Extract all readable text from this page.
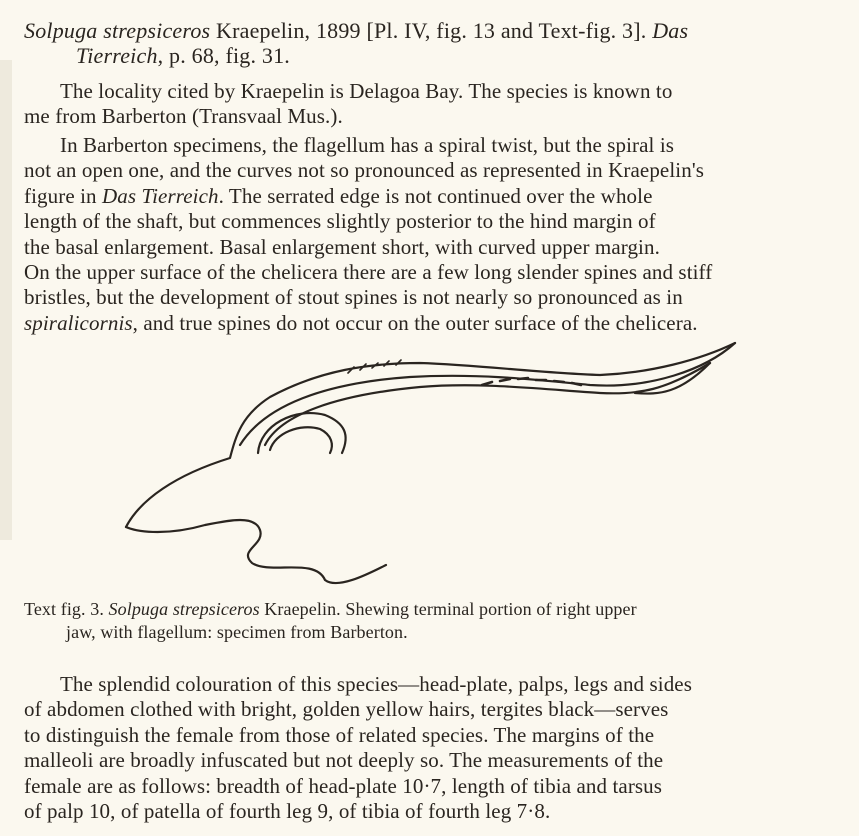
Solpuga strepsiceros Kraepelin, 1899 [Pl. IV, fig. 13 and Text-fig. 3]. Das
Tierreich, p. 68, fig. 31.
The locality cited by Kraepelin is Delagoa Bay. The species is known to
me from Barberton (Transvaal Mus.).
In Barberton specimens, the flagellum has a spiral twist, but the spiral is
not an open one, and the curves not so pronounced as represented in Kraepelin's
figure in Das Tierreich. The serrated edge is not continued over the whole
length of the shaft, but commences slightly posterior to the hind margin of
the basal enlargement. Basal enlargement short, with curved upper margin.
On the upper surface of the chelicera there are a few long slender spines and stiff
bristles, but the development of stout spines is not nearly so pronounced as in
spiralicornis, and true spines do not occur on the outer surface of the chelicera.
Text fig. 3. Solpuga strepsiceros Kraepelin. Shewing terminal portion of right upper
jaw, with flagellum: specimen from Barberton.
The splendid colouration of this species—head-plate, palps, legs and sides
of abdomen clothed with bright, golden yellow hairs, tergites black—serves
to distinguish the female from those of related species. The margins of the
malleoli are broadly infuscated but not deeply so. The measurements of the
female are as follows: breadth of head-plate 10·7, length of tibia and tarsus
of palp 10, of patella of fourth leg 9, of tibia of fourth leg 7·8.
